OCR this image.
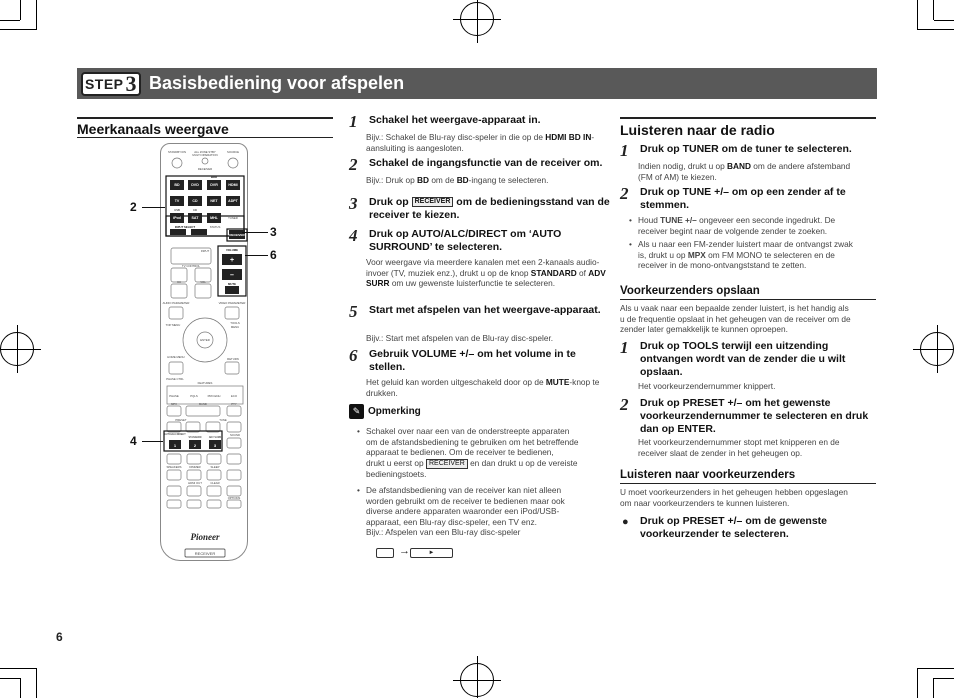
STEP 3 Basisbediening voor afspelen
Meerkanaals weergave
BD	DVD	DVR	HDMI
TV	CD	NET	ADPT
iPod	SAT	MHL
RECEIVER
+
–
1	2	3
STANDBY/ON	ALL ZONE STBY	SOURCE
MULTI OPERATION
RECEIVER
BDR
USB	CD
TUNER
INPUT SELECT	STATUS
INPUT	VOLUME
TV CONTROL
CH	VOL	MUTE
AUDIO PARAMETER	VIDEO PARAMETER
TOP MENU	TOOLS
MENU
ENTER
HOME MENU	RETURN
PHASE CTRL
FEATURES
PHASE	PQLS	PRO.ENH	ECO
MPX	BAND	PTY
PRESET	TUNE
AUTO/ALC/DIRECT
STANDARD	ADV SURR
SOUND
DIMMER	SLEEP
SPEAKERS
HDMI OUT	CLEAR
OPTIONS
RECEIVER
Pioneer
2
3
6
4
6
1	Schakel het weergave-apparaat in.
Bijv.: Schakel de Blu-ray disc-speler in die op de HDMI BD IN-aansluiting is aangesloten.
2	Schakel de ingangsfunctie van de receiver om.
Bijv.: Druk op BD om de BD-ingang te selecteren.
3	Druk op RECEIVER om de bedieningsstand van de receiver te kiezen.
4	Druk op AUTO/ALC/DIRECT om ‘AUTO SURROUND’ te selecteren.
Voor weergave via meerdere kanalen met een 2-kanaals audio-invoer (TV, muziek enz.), drukt u op de knop STANDARD of ADV SURR om uw gewenste luisterfunctie te selecteren.
5	Start met afspelen van het weergave-apparaat.
Bijv.: Start met afspelen van de Blu-ray disc-speler.
6	Gebruik VOLUME +/– om het volume in te stellen.
Het geluid kan worden uitgeschakeld door op de MUTE-knop te drukken.
✎ Opmerking
• Schakel over naar een van de onderstreepte apparaten
om de afstandsbediening te gebruiken om het betreffende
apparaat te bedienen. Om de receiver te bedienen,
drukt u eerst op RECEIVER en dan drukt u op de vereiste
bedieningstoets.
• De afstandsbediening van de receiver kan niet alleen
worden gebruikt om de receiver te bedienen maar ook
diverse andere apparaten waaronder een iPod/USB-
apparaat, een Blu-ray disc-speler, een TV enz.
Bijv.: Afspelen van een Blu-ray disc-speler
→	►
Luisteren naar de radio
1	Druk op TUNER om de tuner te selecteren.
Indien nodig, drukt u op BAND om de andere afstemband
(FM of AM) te kiezen.
2	Druk op TUNE +/– om op een zender af te stemmen.
• Houd TUNE +/– ongeveer een seconde ingedrukt. De
receiver begint naar de volgende zender te zoeken.
• Als u naar een FM-zender luistert maar de ontvangst zwak
is, drukt u op MPX om FM MONO te selecteren en de
receiver in de mono-ontvangststand te zetten.
Voorkeurzenders opslaan
Als u vaak naar een bepaalde zender luistert, is het handig als
u de frequentie opslaat in het geheugen van de receiver om de
zender later gemakkelijk te kunnen oproepen.
1	Druk op TOOLS terwijl een uitzending ontvangen wordt van de zender die u wilt opslaan.
Het voorkeurzendernummer knippert.
2	Druk op PRESET +/– om het gewenste voorkeurzendernummer te selecteren en druk dan op ENTER.
Het voorkeurzendernummer stopt met knipperen en de
receiver slaat de zender in het geheugen op.
Luisteren naar voorkeurzenders
U moet voorkeurzenders in het geheugen hebben opgeslagen
om naar voorkeurzenders te kunnen luisteren.
●	Druk op PRESET +/– om de gewenste voorkeurzender te selecteren.
